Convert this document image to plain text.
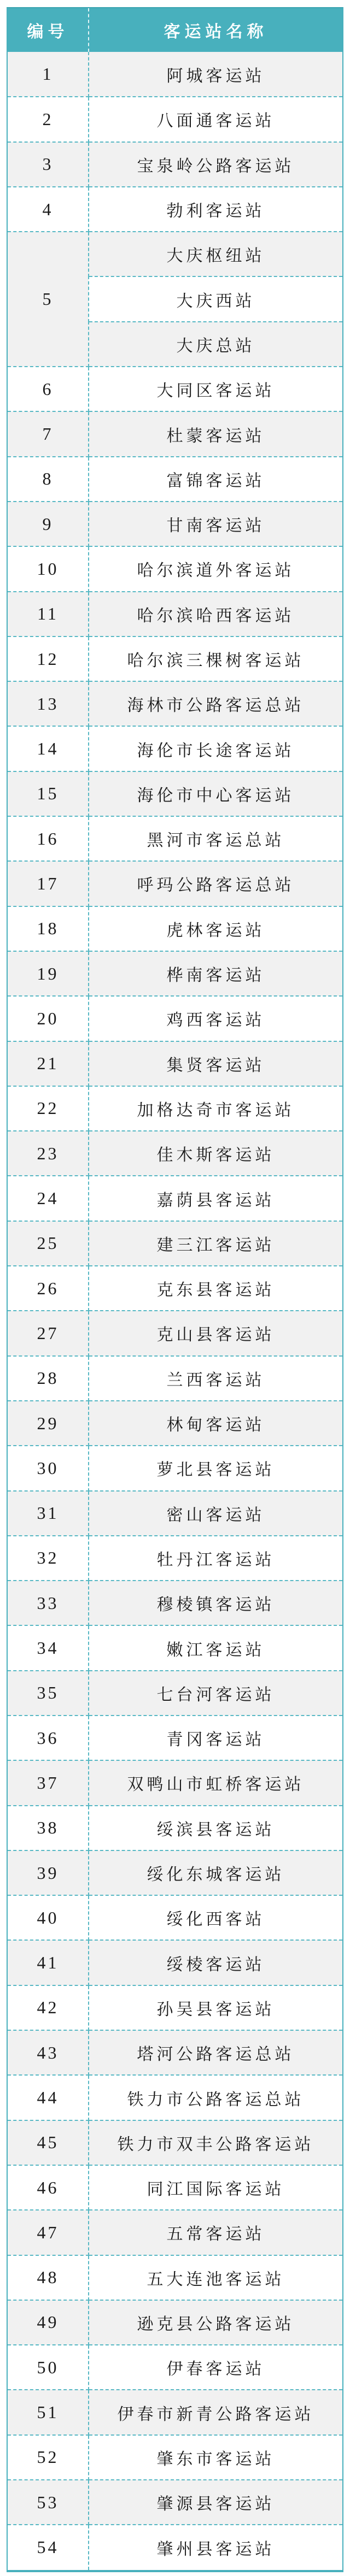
编号	客运站名称
1	阿城客运站
2	八面通客运站
3	宝泉岭公路客运站
4	勃利客运站
5	大庆枢纽站
	大庆西站
	大庆总站
6	大同区客运站
7	杜蒙客运站
8	富锦客运站
9	甘南客运站
10	哈尔滨道外客运站
11	哈尔滨哈西客运站
12	哈尔滨三棵树客运站
13	海林市公路客运总站
14	海伦市长途客运站
15	海伦市中心客运站
16	黑河市客运总站
17	呼玛公路客运总站
18	虎林客运站
19	桦南客运站
20	鸡西客运站
21	集贤客运站
22	加格达奇市客运站
23	佳木斯客运站
24	嘉荫县客运站
25	建三江客运站
26	克东县客运站
27	克山县客运站
28	兰西客运站
29	林甸客运站
30	萝北县客运站
31	密山客运站
32	牡丹江客运站
33	穆棱镇客运站
34	嫩江客运站
35	七台河客运站
36	青冈客运站
37	双鸭山市虹桥客运站
38	绥滨县客运站
39	绥化东城客运站
40	绥化西客站
41	绥棱客运站
42	孙吴县客运站
43	塔河公路客运总站
44	铁力市公路客运总站
45	铁力市双丰公路客运站
46	同江国际客运站
47	五常客运站
48	五大连池客运站
49	逊克县公路客运站
50	伊春客运站
51	伊春市新青公路客运站
52	肇东市客运站
53	肇源县客运站
54	肇州县客运站
